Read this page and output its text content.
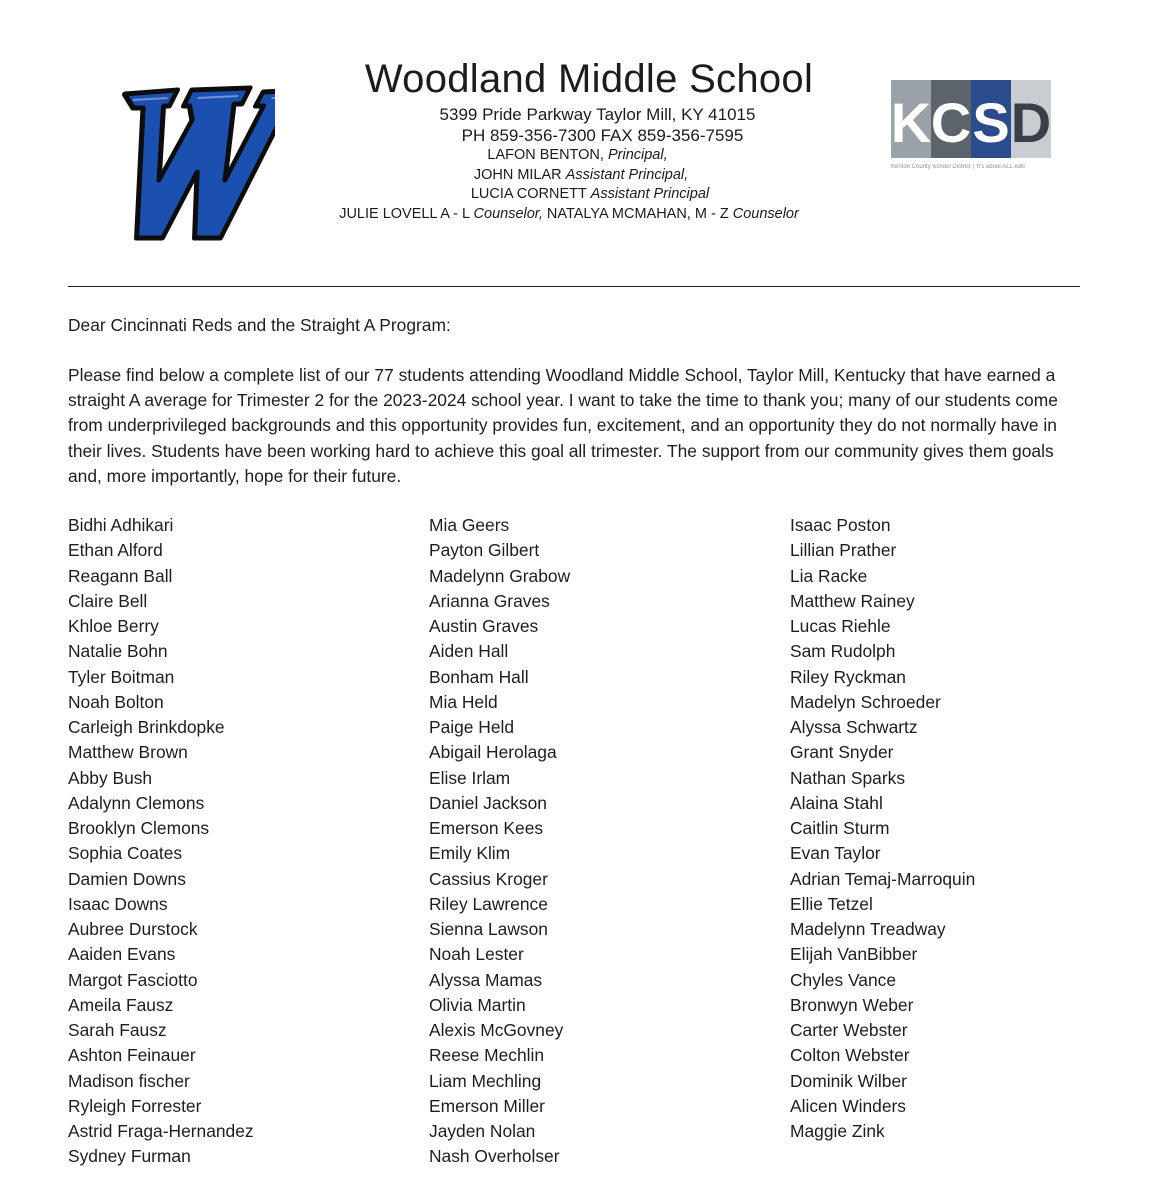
Woodland Middle School
5399 Pride Parkway Taylor Mill, KY 41015
PH 859-356-7300 FAX 859-356-7595
LAFON BENTON, Principal,
JOHN MILAR Assistant Principal,
LUCIA CORNETT Assistant Principal
JULIE LOVELL A - L Counselor, NATALYA MCMAHAN, M - Z Counselor
K C S D
Kenton County School District | 'It's about ALL kids'
Dear Cincinnati Reds and the Straight A Program:
Please find below a complete list of our 77 students attending Woodland Middle School, Taylor Mill, Kentucky that have earned a straight A average for Trimester 2 for the 2023-2024 school year. I want to take the time to thank you; many of our students come from underprivileged backgrounds and this opportunity provides fun, excitement, and an opportunity they do not normally have in their lives. Students have been working hard to achieve this goal all trimester. The support from our community gives them goals and, more importantly, hope for their future.
Bidhi Adhikari
Ethan Alford
Reagann Ball
Claire Bell
Khloe Berry
Natalie Bohn
Tyler Boitman
Noah Bolton
Carleigh Brinkdopke
Matthew Brown
Abby Bush
Adalynn Clemons
Brooklyn Clemons
Sophia Coates
Damien Downs
Isaac Downs
Aubree Durstock
Aaiden Evans
Margot Fasciotto
Ameila Fausz
Sarah Fausz
Ashton Feinauer
Madison fischer
Ryleigh Forrester
Astrid Fraga-Hernandez
Sydney Furman
Mia Geers
Payton Gilbert
Madelynn Grabow
Arianna Graves
Austin Graves
Aiden Hall
Bonham Hall
Mia Held
Paige Held
Abigail Herolaga
Elise Irlam
Daniel Jackson
Emerson Kees
Emily Klim
Cassius Kroger
Riley Lawrence
Sienna Lawson
Noah Lester
Alyssa Mamas
Olivia Martin
Alexis McGovney
Reese Mechlin
Liam Mechling
Emerson Miller
Jayden Nolan
Nash Overholser
Isaac Poston
Lillian Prather
Lia Racke
Matthew Rainey
Lucas Riehle
Sam Rudolph
Riley Ryckman
Madelyn Schroeder
Alyssa Schwartz
Grant Snyder
Nathan Sparks
Alaina Stahl
Caitlin Sturm
Evan Taylor
Adrian Temaj-Marroquin
Ellie Tetzel
Madelynn Treadway
Elijah VanBibber
Chyles Vance
Bronwyn Weber
Carter Webster
Colton Webster
Dominik Wilber
Alicen Winders
Maggie Zink
